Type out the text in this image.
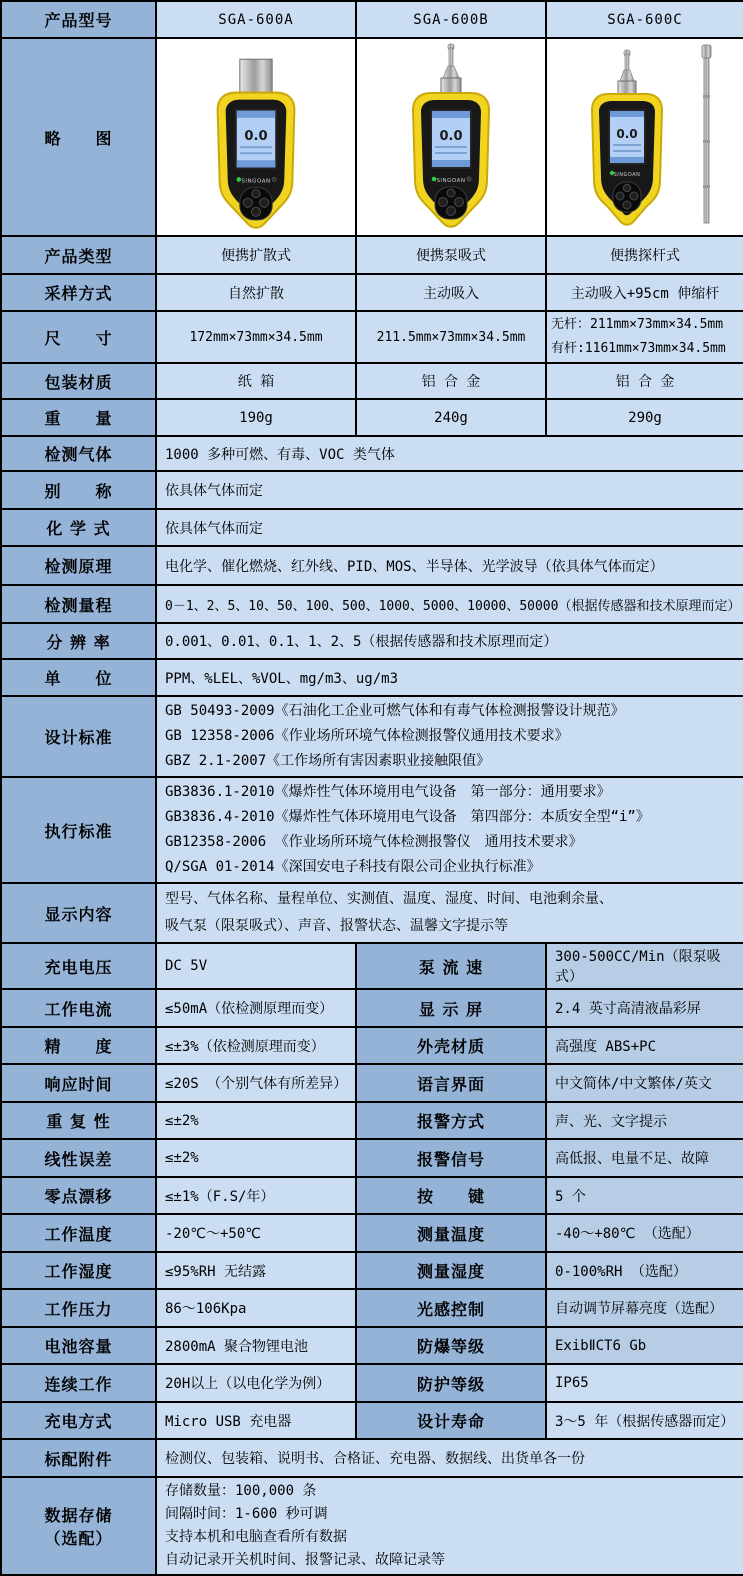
产品型号	SGA-600A	SGA-600B	SGA-600C
略　　图	0.0
SINGOAN	0.0
SINGOAN	0.0
SINGOAN

产品类型	便携扩散式	便携泵吸式	便携探杆式
采样方式	自然扩散	主动吸入	主动吸入+95cm 伸缩杆
尺　　寸	172mm×73mm×34.5mm	211.5mm×73mm×34.5mm	无杆：211mm×73mm×34.5mm
有杆:1161mm×73mm×34.5mm

包装材质	纸 箱	铝 合 金	铝 合 金
重　　量	190g	240g	290g
检测气体	1000 多种可燃、有毒、VOC 类气体		
别　　称	依具体气体而定		
化 学 式	依具体气体而定		
检测原理	电化学、催化燃烧、红外线、PID、MOS、半导体、光学波导（依具体气体而定）		
检测量程	0－1、2、5、10、50、100、500、1000、5000、10000、50000（根据传感器和技术原理而定）		
分 辨 率	0.001、0.01、0.1、1、2、5（根据传感器和技术原理而定）		
单　　位	PPM、%LEL、%VOL、mg/m3、ug/m3		
设计标准	GB 50493-2009《石油化工企业可燃气体和有毒气体检测报警设计规范》
GB 12358-2006《作业场所环境气体检测报警仪通用技术要求》
GBZ 2.1-2007《工作场所有害因素职业接触限值》		

执行标准	GB3836.1-2010《爆炸性气体环境用电气设备　第一部分：通用要求》
GB3836.4-2010《爆炸性气体环境用电气设备　第四部分：本质安全型“i”》
GB12358-2006 《作业场所环境气体检测报警仪　通用技术要求》
Q/SGA 01-2014《深国安电子科技有限公司企业执行标准》		

显示内容	型号、气体名称、量程单位、实测值、温度、湿度、时间、电池剩余量、
吸气泵（限泵吸式）、声音、报警状态、温馨文字提示等		

充电电压	DC 5V	泵 流 速	300-500CC/Min（限泵吸式）
工作电流	≤50mA（依检测原理而变）	显 示 屏	2.4 英寸高清液晶彩屏
精　　度	≤±3%（依检测原理而变）	外壳材质	高强度 ABS+PC
响应时间	≤20S （个别气体有所差异）	语言界面	中文简体/中文繁体/英文
重 复 性	≤±2%	报警方式	声、光、文字提示
线性误差	≤±2%	报警信号	高低报、电量不足、故障
零点漂移	≤±1%（F.S/年）	按　　键	5 个
工作温度	-20℃～+50℃	测量温度	-40～+80℃ （选配）
工作湿度	≤95%RH 无结露	测量湿度	0-100%RH （选配）
工作压力	86～106Kpa	光感控制	自动调节屏幕亮度（选配）
电池容量	2800mA 聚合物锂电池	防爆等级	ExibⅡCT6 Gb
连续工作	20H以上（以电化学为例）	防护等级	IP65
充电方式	Micro USB 充电器	设计寿命	3～5 年（根据传感器而定）
标配附件	检测仪、包装箱、说明书、合格证、充电器、数据线、出货单各一份		

数据存储
（选配）

存储数量：100,000 条
间隔时间：1-600 秒可调
支持本机和电脑查看所有数据
自动记录开关机时间、报警记录、故障记录等
